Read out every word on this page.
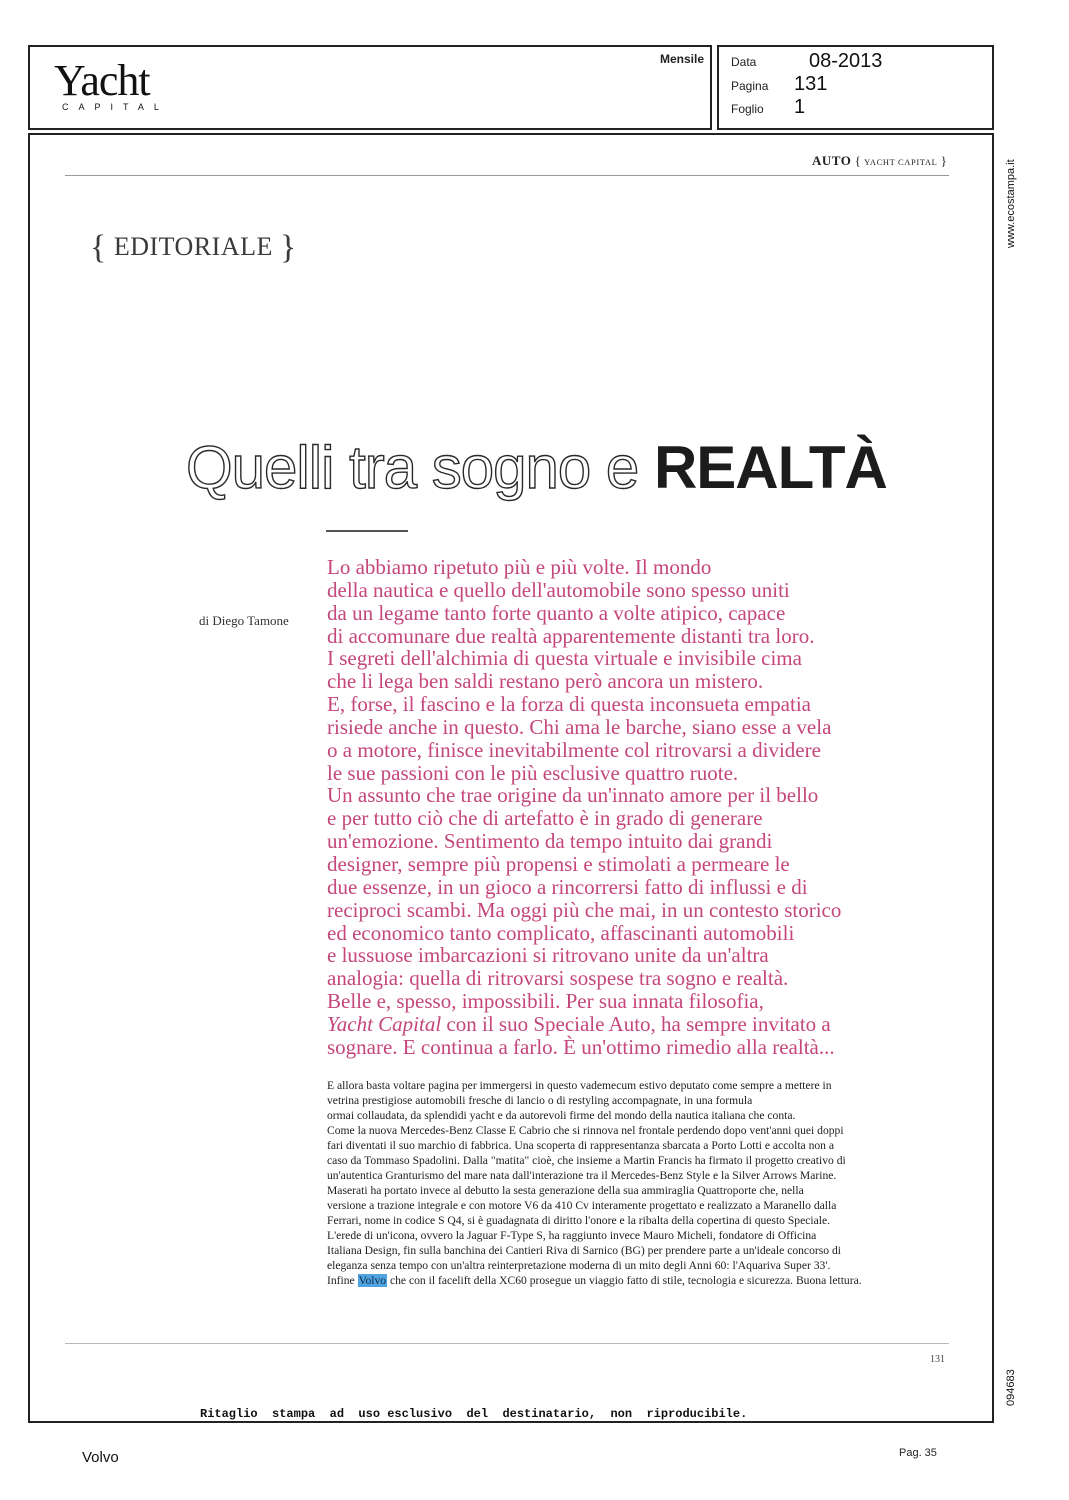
Yacht
CAPITAL
Mensile Data	08-2013
Pagina 131
Foglio 1
AUTO { YACHT CAPITAL }
{ EDITORIALE }
Quelli tra sogno e REALTÀ
di Diego Tamone
Lo abbiamo ripetuto più e più volte. Il mondo
della nautica e quello dell'automobile sono spesso uniti
da un legame tanto forte quanto a volte atipico, capace
di accomunare due realtà apparentemente distanti tra loro.
I segreti dell'alchimia di questa virtuale e invisibile cima
che li lega ben saldi restano però ancora un mistero.
E, forse, il fascino e la forza di questa inconsueta empatia
risiede anche in questo. Chi ama le barche, siano esse a vela
o a motore, finisce inevitabilmente col ritrovarsi a dividere
le sue passioni con le più esclusive quattro ruote.
Un assunto che trae origine da un'innato amore per il bello
e per tutto ciò che di artefatto è in grado di generare
un'emozione. Sentimento da tempo intuito dai grandi
designer, sempre più propensi e stimolati a permeare le
due essenze, in un gioco a rincorrersi fatto di influssi e di
reciproci scambi. Ma oggi più che mai, in un contesto storico
ed economico tanto complicato, affascinanti automobili
e lussuose imbarcazioni si ritrovano unite da un'altra
analogia: quella di ritrovarsi sospese tra sogno e realtà.
Belle e, spesso, impossibili. Per sua innata filosofia,
Yacht Capital con il suo Speciale Auto, ha sempre invitato a
sognare. E continua a farlo. È un'ottimo rimedio alla realtà...
E allora basta voltare pagina per immergersi in questo vademecum estivo deputato come sempre a mettere in
vetrina prestigiose automobili fresche di lancio o di restyling accompagnate, in una formula
ormai collaudata, da splendidi yacht e da autorevoli firme del mondo della nautica italiana che conta.
Come la nuova Mercedes-Benz Classe E Cabrio che si rinnova nel frontale perdendo dopo vent'anni quei doppi
fari diventati il suo marchio di fabbrica. Una scoperta di rappresentanza sbarcata a Porto Lotti e accolta non a
caso da Tommaso Spadolini. Dalla "matita" cioè, che insieme a Martin Francis ha firmato il progetto creativo di
un'autentica Granturismo del mare nata dall'interazione tra il Mercedes-Benz Style e la Silver Arrows Marine.
Maserati ha portato invece al debutto la sesta generazione della sua ammiraglia Quattroporte che, nella
versione a trazione integrale e con motore V6 da 410 Cv interamente progettato e realizzato a Maranello dalla
Ferrari, nome in codice S Q4, si è guadagnata di diritto l'onore e la ribalta della copertina di questo Speciale.
L'erede di un'icona, ovvero la Jaguar F-Type S, ha raggiunto invece Mauro Micheli, fondatore di Officina
Italiana Design, fin sulla banchina dei Cantieri Riva di Sarnico (BG) per prendere parte a un'ideale concorso di
eleganza senza tempo con un'altra reinterpretazione moderna di un mito degli Anni 60: l'Aquariva Super 33'.
Infine Volvo che con il facelift della XC60 prosegue un viaggio fatto di stile, tecnologia e sicurezza. Buona lettura.
131
Ritaglio  stampa  ad  uso esclusivo  del  destinatario,  non  riproducibile.
www.ecostampa.it
094683
Volvo	Pag. 35
